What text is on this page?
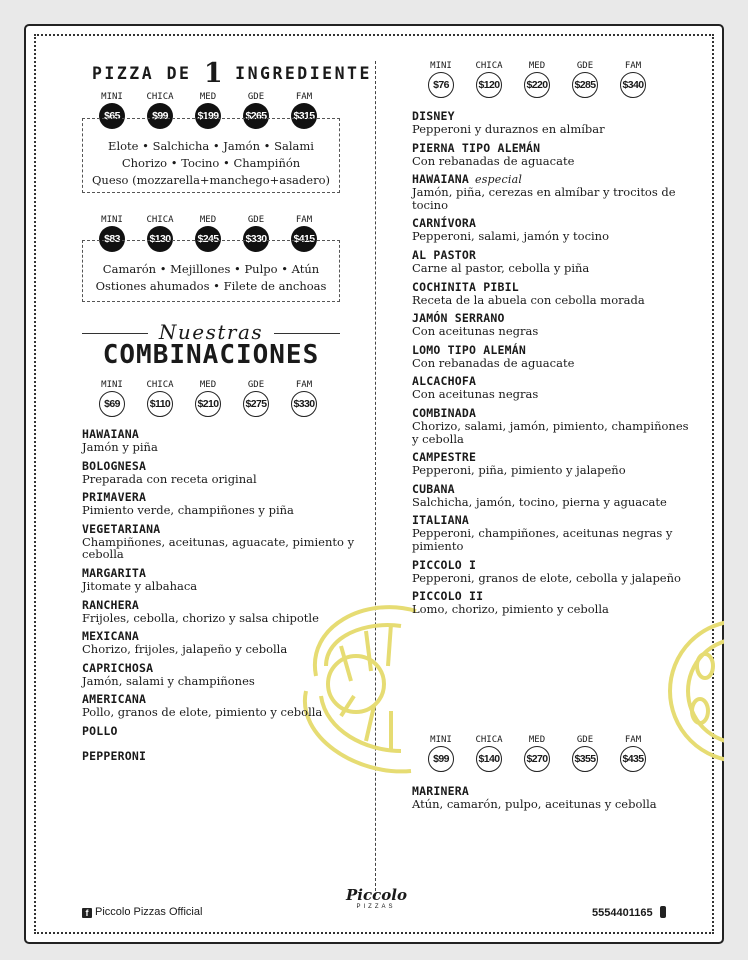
PIZZA DE 1 INGREDIENTE
MINI
$65
CHICA
$99
MED
$199
GDE
$265
FAM
$315
Elote • Salchicha • Jamón • Salami
Chorizo • Tocino • Champiñón
Queso (mozzarella+manchego+asadero)
MINI
$83
CHICA
$130
MED
$245
GDE
$330
FAM
$415
Camarón • Mejillones • Pulpo • Atún
Ostiones ahumados • Filete de anchoas
Nuestras
COMBINACIONES
MINI
$69
CHICA
$110
MED
$210
GDE
$275
FAM
$330
HAWAIANA
Jamón y piña
BOLOGNESA
Preparada con receta original
PRIMAVERA
Pimiento verde, champiñones y piña
VEGETARIANA
Champiñones, aceitunas, aguacate, pimiento y cebolla
MARGARITA
Jitomate y albahaca
RANCHERA
Frijoles, cebolla, chorizo y salsa chipotle
MEXICANA
Chorizo, frijoles, jalapeño y cebolla
CAPRICHOSA
Jamón, salami y champiñones
AMERICANA
Pollo, granos de elote, pimiento y cebolla
POLLO
PEPPERONI
MINI
$76
CHICA
$120
MED
$220
GDE
$285
FAM
$340
DISNEY
Pepperoni y duraznos en almíbar
PIERNA TIPO ALEMÁN
Con rebanadas de aguacate
HAWAIANA especial
Jamón, piña, cerezas en almíbar y trocitos de tocino
CARNÍVORA
Pepperoni, salami, jamón y tocino
AL PASTOR
Carne al pastor, cebolla y piña
COCHINITA PIBIL
Receta de la abuela con cebolla morada
JAMÓN SERRANO
Con aceitunas negras
LOMO TIPO ALEMÁN
Con rebanadas de aguacate
ALCACHOFA
Con aceitunas negras
COMBINADA
Chorizo, salami, jamón, pimiento, champiñones y cebolla
CAMPESTRE
Pepperoni, piña, pimiento y jalapeño
CUBANA
Salchicha, jamón, tocino, pierna y aguacate
ITALIANA
Pepperoni, champiñones, aceitunas negras y pimiento
PICCOLO I
Pepperoni, granos de elote, cebolla y jalapeño
PICCOLO II
Lomo, chorizo, pimiento y cebolla
MINI
$99
CHICA
$140
MED
$270
GDE
$355
FAM
$435
MARINERA
Atún, camarón, pulpo, aceitunas y cebolla
f Piccolo Pizzas Official
Piccolo
PIZZAS	5554401165
